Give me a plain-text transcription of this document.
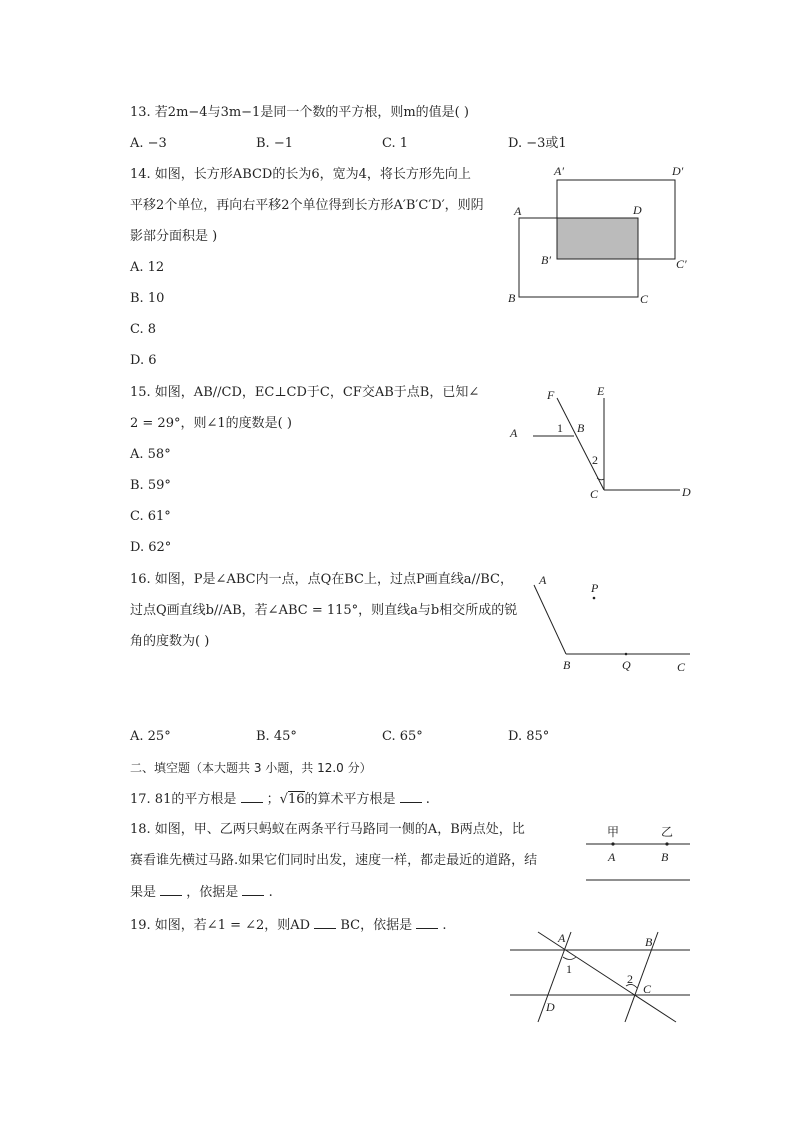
13. 若2m−4与3m−1是同一个数的平方根，则m的值是( )
A. −3	B. −1	C. 1	D. −3或1
14. 如图，长方形ABCD的长为6，宽为4，将长方形先向上
平移2个单位，再向右平移2个单位得到长方形A′B′C′D′，则阴
影部分面积是 )
A. 12
B. 10
C. 8
D. 6
A′	D′
A	D
B′	C′
B	C
15. 如图，AB//CD，EC⊥CD于C，CF交AB于点B，已知∠
2 = 29°，则∠1的度数是( )
A. 58°
B. 59°
C. 61°
D. 62°
F	E
A	1 B
2
C	D
16. 如图，P是∠ABC内一点，点Q在BC上，过点P画直线a//BC，
过点Q画直线b//AB，若∠ABC = 115°，则直线a与b相交所成的锐
角的度数为( )
A
P
B	Q	C
A. 25°	B. 45°	C. 65°	D. 85°
二、填空题（本大题共 3 小题，共 12.0 分）
17. 81的平方根是 ；√16的算术平方根是 .
18. 如图，甲、乙两只蚂蚁在两条平行马路同一侧的A，B两点处，比
赛看谁先横过马路.如果它们同时出发，速度一样，都走最近的道路，结
果是 ，依据是 .
甲	乙
A	B
19. 如图，若∠1 = ∠2，则AD BC，依据是 .
A	B
1
2
C
D
